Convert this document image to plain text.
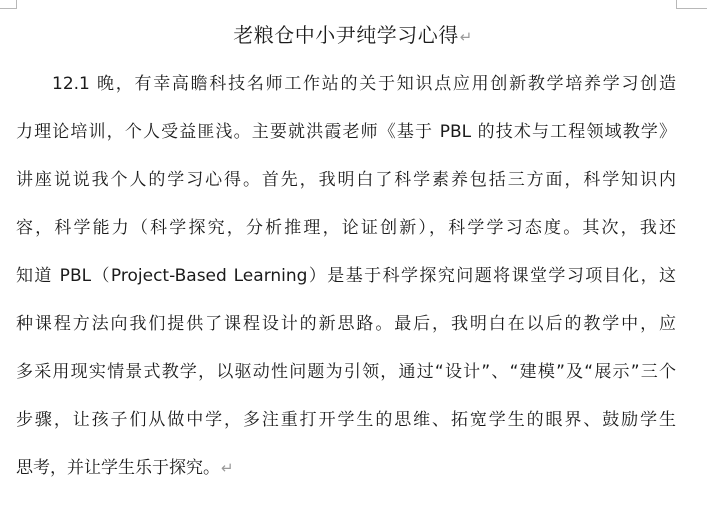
老粮仓中小尹纯学习心得↵
12.1 晚，有幸高瞻科技名师工作站的关于知识点应用创新教学培养学习创造
力理论培训，个人受益匪浅。主要就洪霞老师《基于 PBL 的技术与工程领域教学》
讲座说说我个人的学习心得。首先，我明白了科学素养包括三方面，科学知识内
容，科学能力（科学探究，分析推理，论证创新），科学学习态度。其次，我还
知道 PBL（Project-Based Learning）是基于科学探究问题将课堂学习项目化，这
种课程方法向我们提供了课程设计的新思路。最后，我明白在以后的教学中，应
多采用现实情景式教学，以驱动性问题为引领，通过“设计”、“建模”及“展示”三个
步骤，让孩子们从做中学，多注重打开学生的思维、拓宽学生的眼界、鼓励学生
思考，并让学生乐于探究。↵
